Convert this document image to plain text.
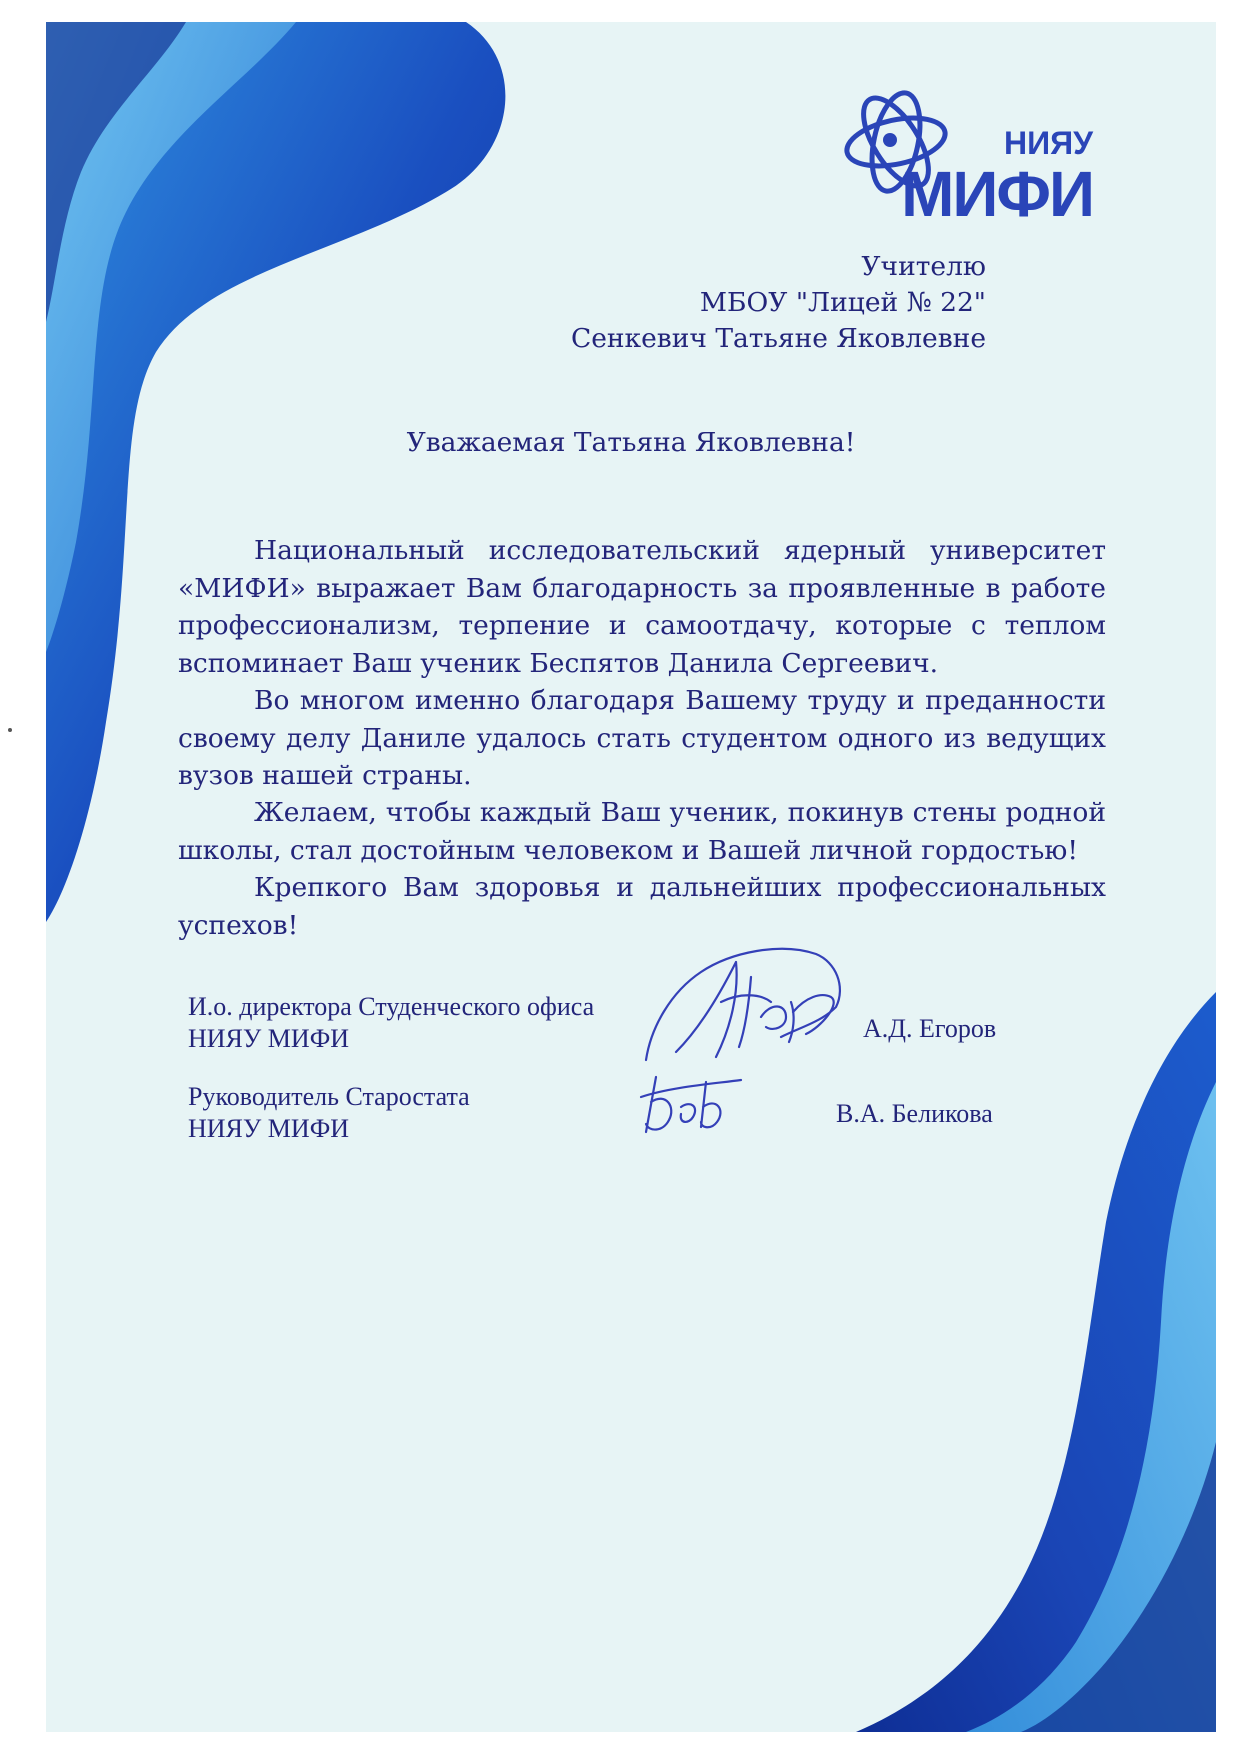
НИЯУ
МИФИ
Учителю
МБОУ "Лицей № 22"
Сенкевич Татьяне Яковлевне
Уважаемая Татьяна Яковлевна!
Национальный исследовательский ядерный университет «МИФИ» выражает Вам благодарность за проявленные в работе профессионализм, терпение и самоотдачу, которые с теплом вспоминает Ваш ученик Беспятов Данила Сергеевич.
Во многом именно благодаря Вашему труду и преданности своему делу Даниле удалось стать студентом одного из ведущих вузов нашей страны.
Желаем, чтобы каждый Ваш ученик, покинув стены родной школы, стал достойным человеком и Вашей личной гордостью!
Крепкого Вам здоровья и дальнейших профессиональных успехов!
И.о. директора Студенческого офиса
НИЯУ МИФИ	А.Д. Егоров
Руководитель Старостата
НИЯУ МИФИ
В.А. Беликова
